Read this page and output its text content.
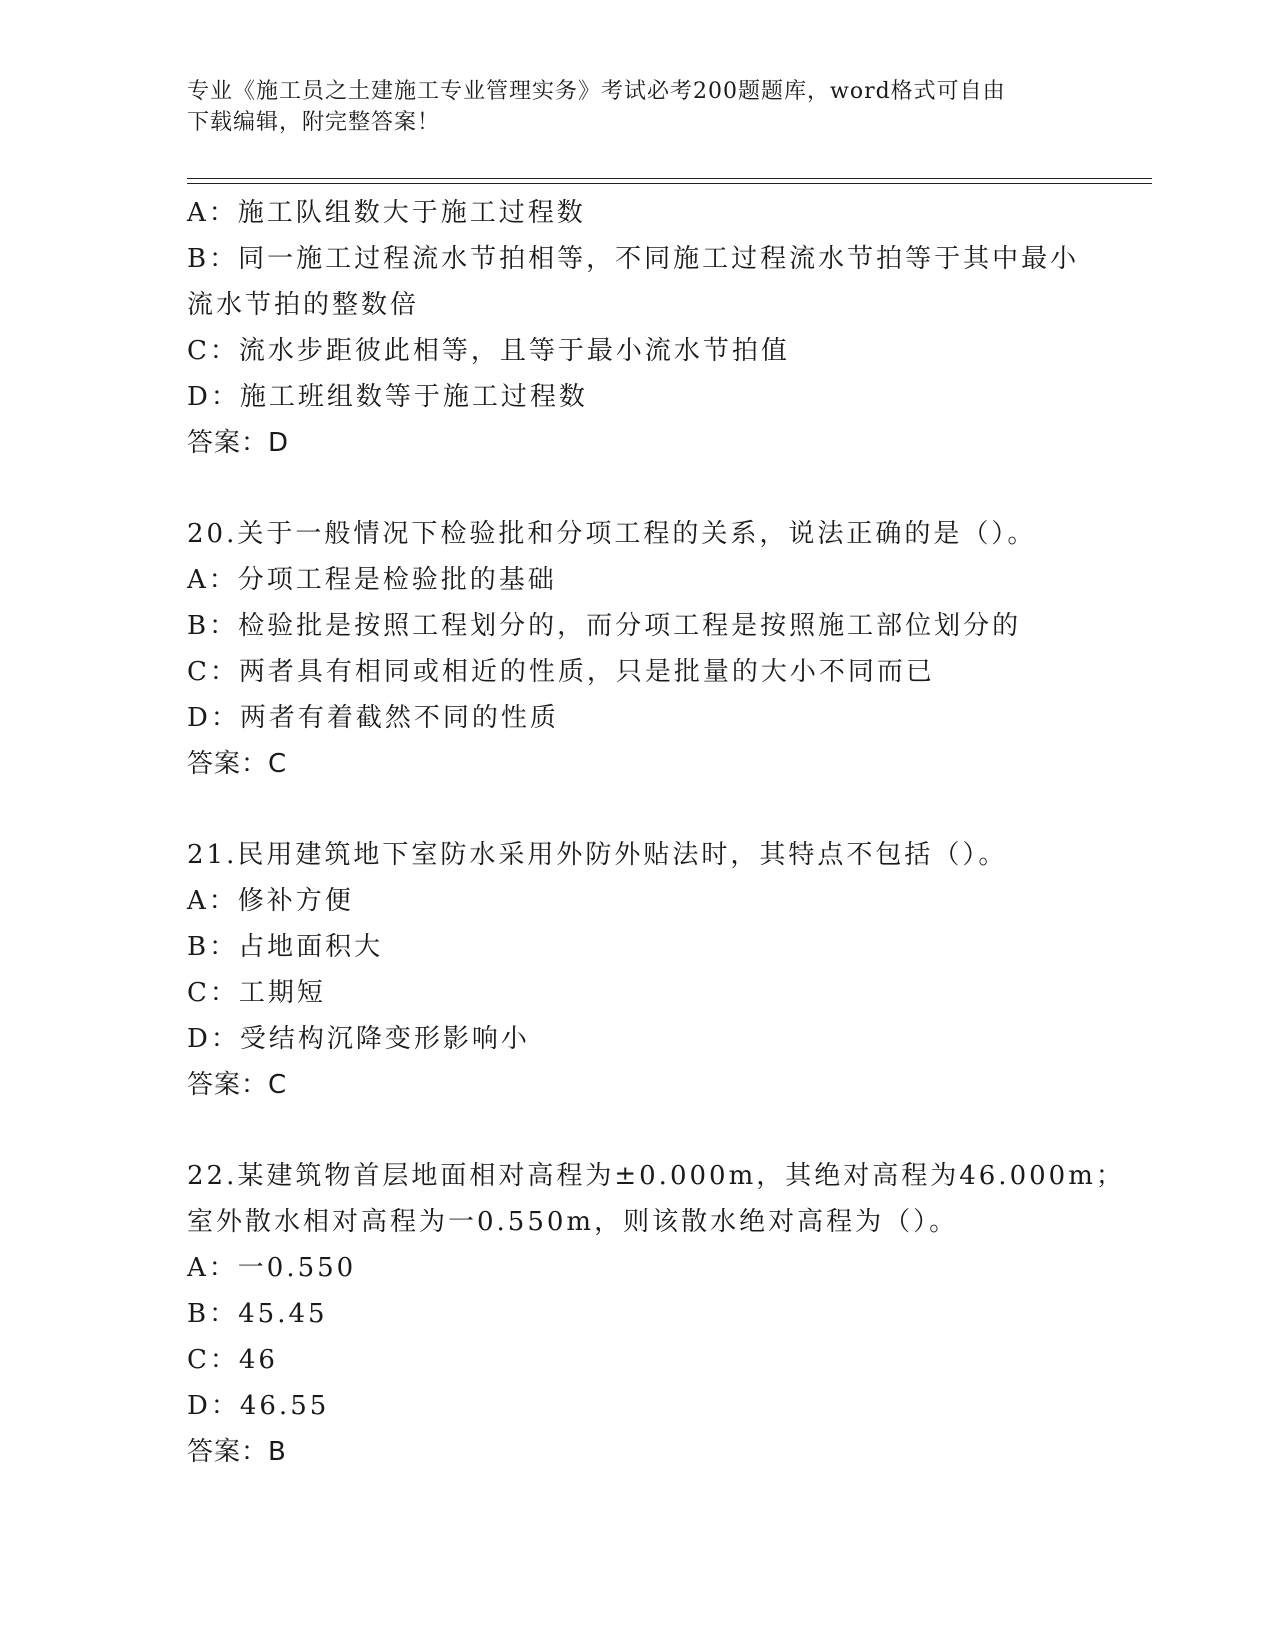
专业《施工员之土建施工专业管理实务》考试必考200题题库，word格式可自由
下载编辑，附完整答案！
A：施工队组数大于施工过程数
B：同一施工过程流水节拍相等，不同施工过程流水节拍等于其中最小
流水节拍的整数倍
C：流水步距彼此相等，且等于最小流水节拍值
D：施工班组数等于施工过程数
答案：D
20.关于一般情况下检验批和分项工程的关系，说法正确的是（）。
A：分项工程是检验批的基础
B：检验批是按照工程划分的，而分项工程是按照施工部位划分的
C：两者具有相同或相近的性质，只是批量的大小不同而已
D：两者有着截然不同的性质
答案：C
21.民用建筑地下室防水采用外防外贴法时，其特点不包括（）。
A：修补方便
B：占地面积大
C：工期短
D：受结构沉降变形影响小
答案：C
22.某建筑物首层地面相对高程为±0.000m，其绝对高程为46.000m；
室外散水相对高程为一0.550m，则该散水绝对高程为（）。
A：一0.550
B：45.45
C：46
D：46.55
答案：B
